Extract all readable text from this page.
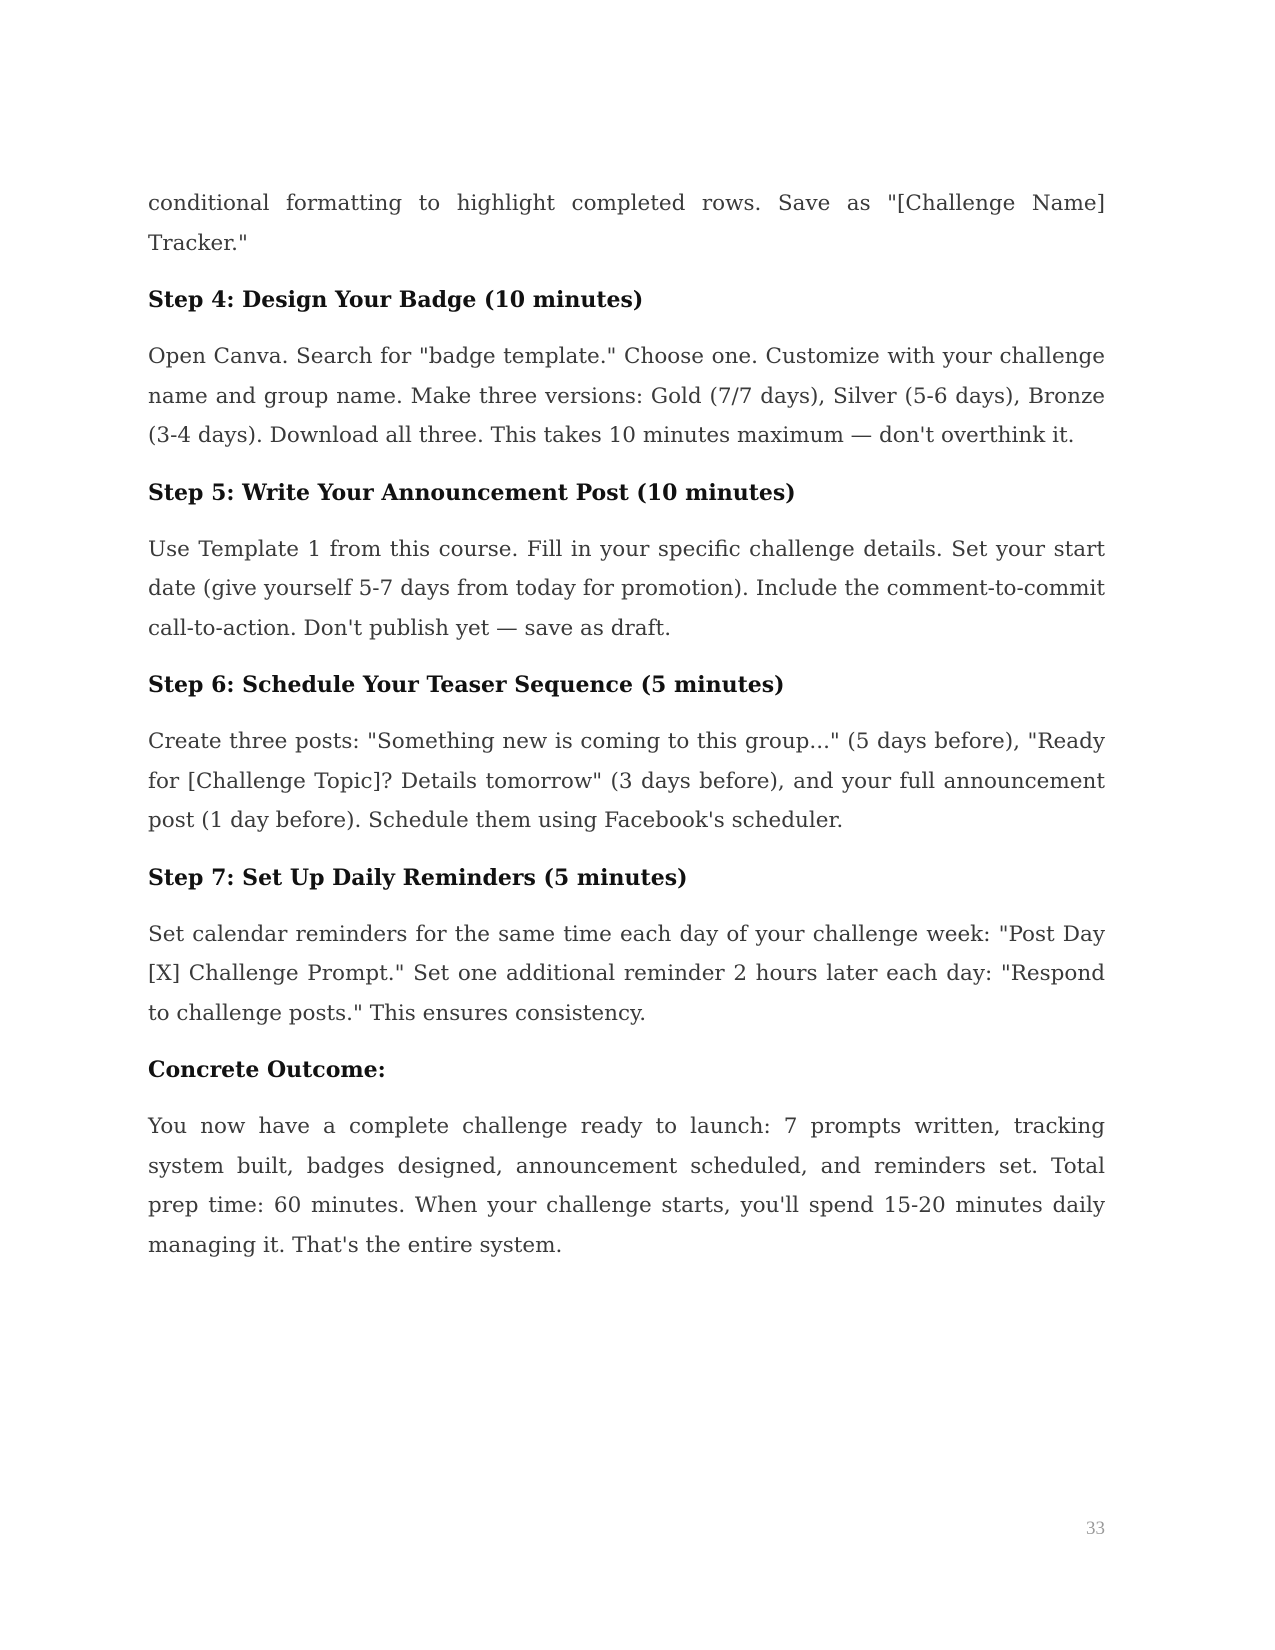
conditional formatting to highlight completed rows. Save as "[Challenge Name] Tracker."

Step 4: Design Your Badge (10 minutes)

Open Canva. Search for "badge template." Choose one. Customize with your challenge name and group name. Make three versions: Gold (7/7 days), Silver (5-6 days), Bronze (3-4 days). Download all three. This takes 10 minutes maximum — don't overthink it.

Step 5: Write Your Announcement Post (10 minutes)

Use Template 1 from this course. Fill in your specific challenge details. Set your start date (give yourself 5-7 days from today for promotion). Include the comment-to-commit call-to-action. Don't publish yet — save as draft.

Step 6: Schedule Your Teaser Sequence (5 minutes)

Create three posts: "Something new is coming to this group..." (5 days before), "Ready for [Challenge Topic]? Details tomorrow" (3 days before), and your full announcement post (1 day before). Schedule them using Facebook's scheduler.

Step 7: Set Up Daily Reminders (5 minutes)

Set calendar reminders for the same time each day of your challenge week: "Post Day [X] Challenge Prompt." Set one additional reminder 2 hours later each day: "Respond to challenge posts." This ensures consistency.

Concrete Outcome:

You now have a complete challenge ready to launch: 7 prompts written, tracking system built, badges designed, announcement scheduled, and reminders set. Total prep time: 60 minutes. When your challenge starts, you'll spend 15-20 minutes daily managing it. That's the entire system.

33
